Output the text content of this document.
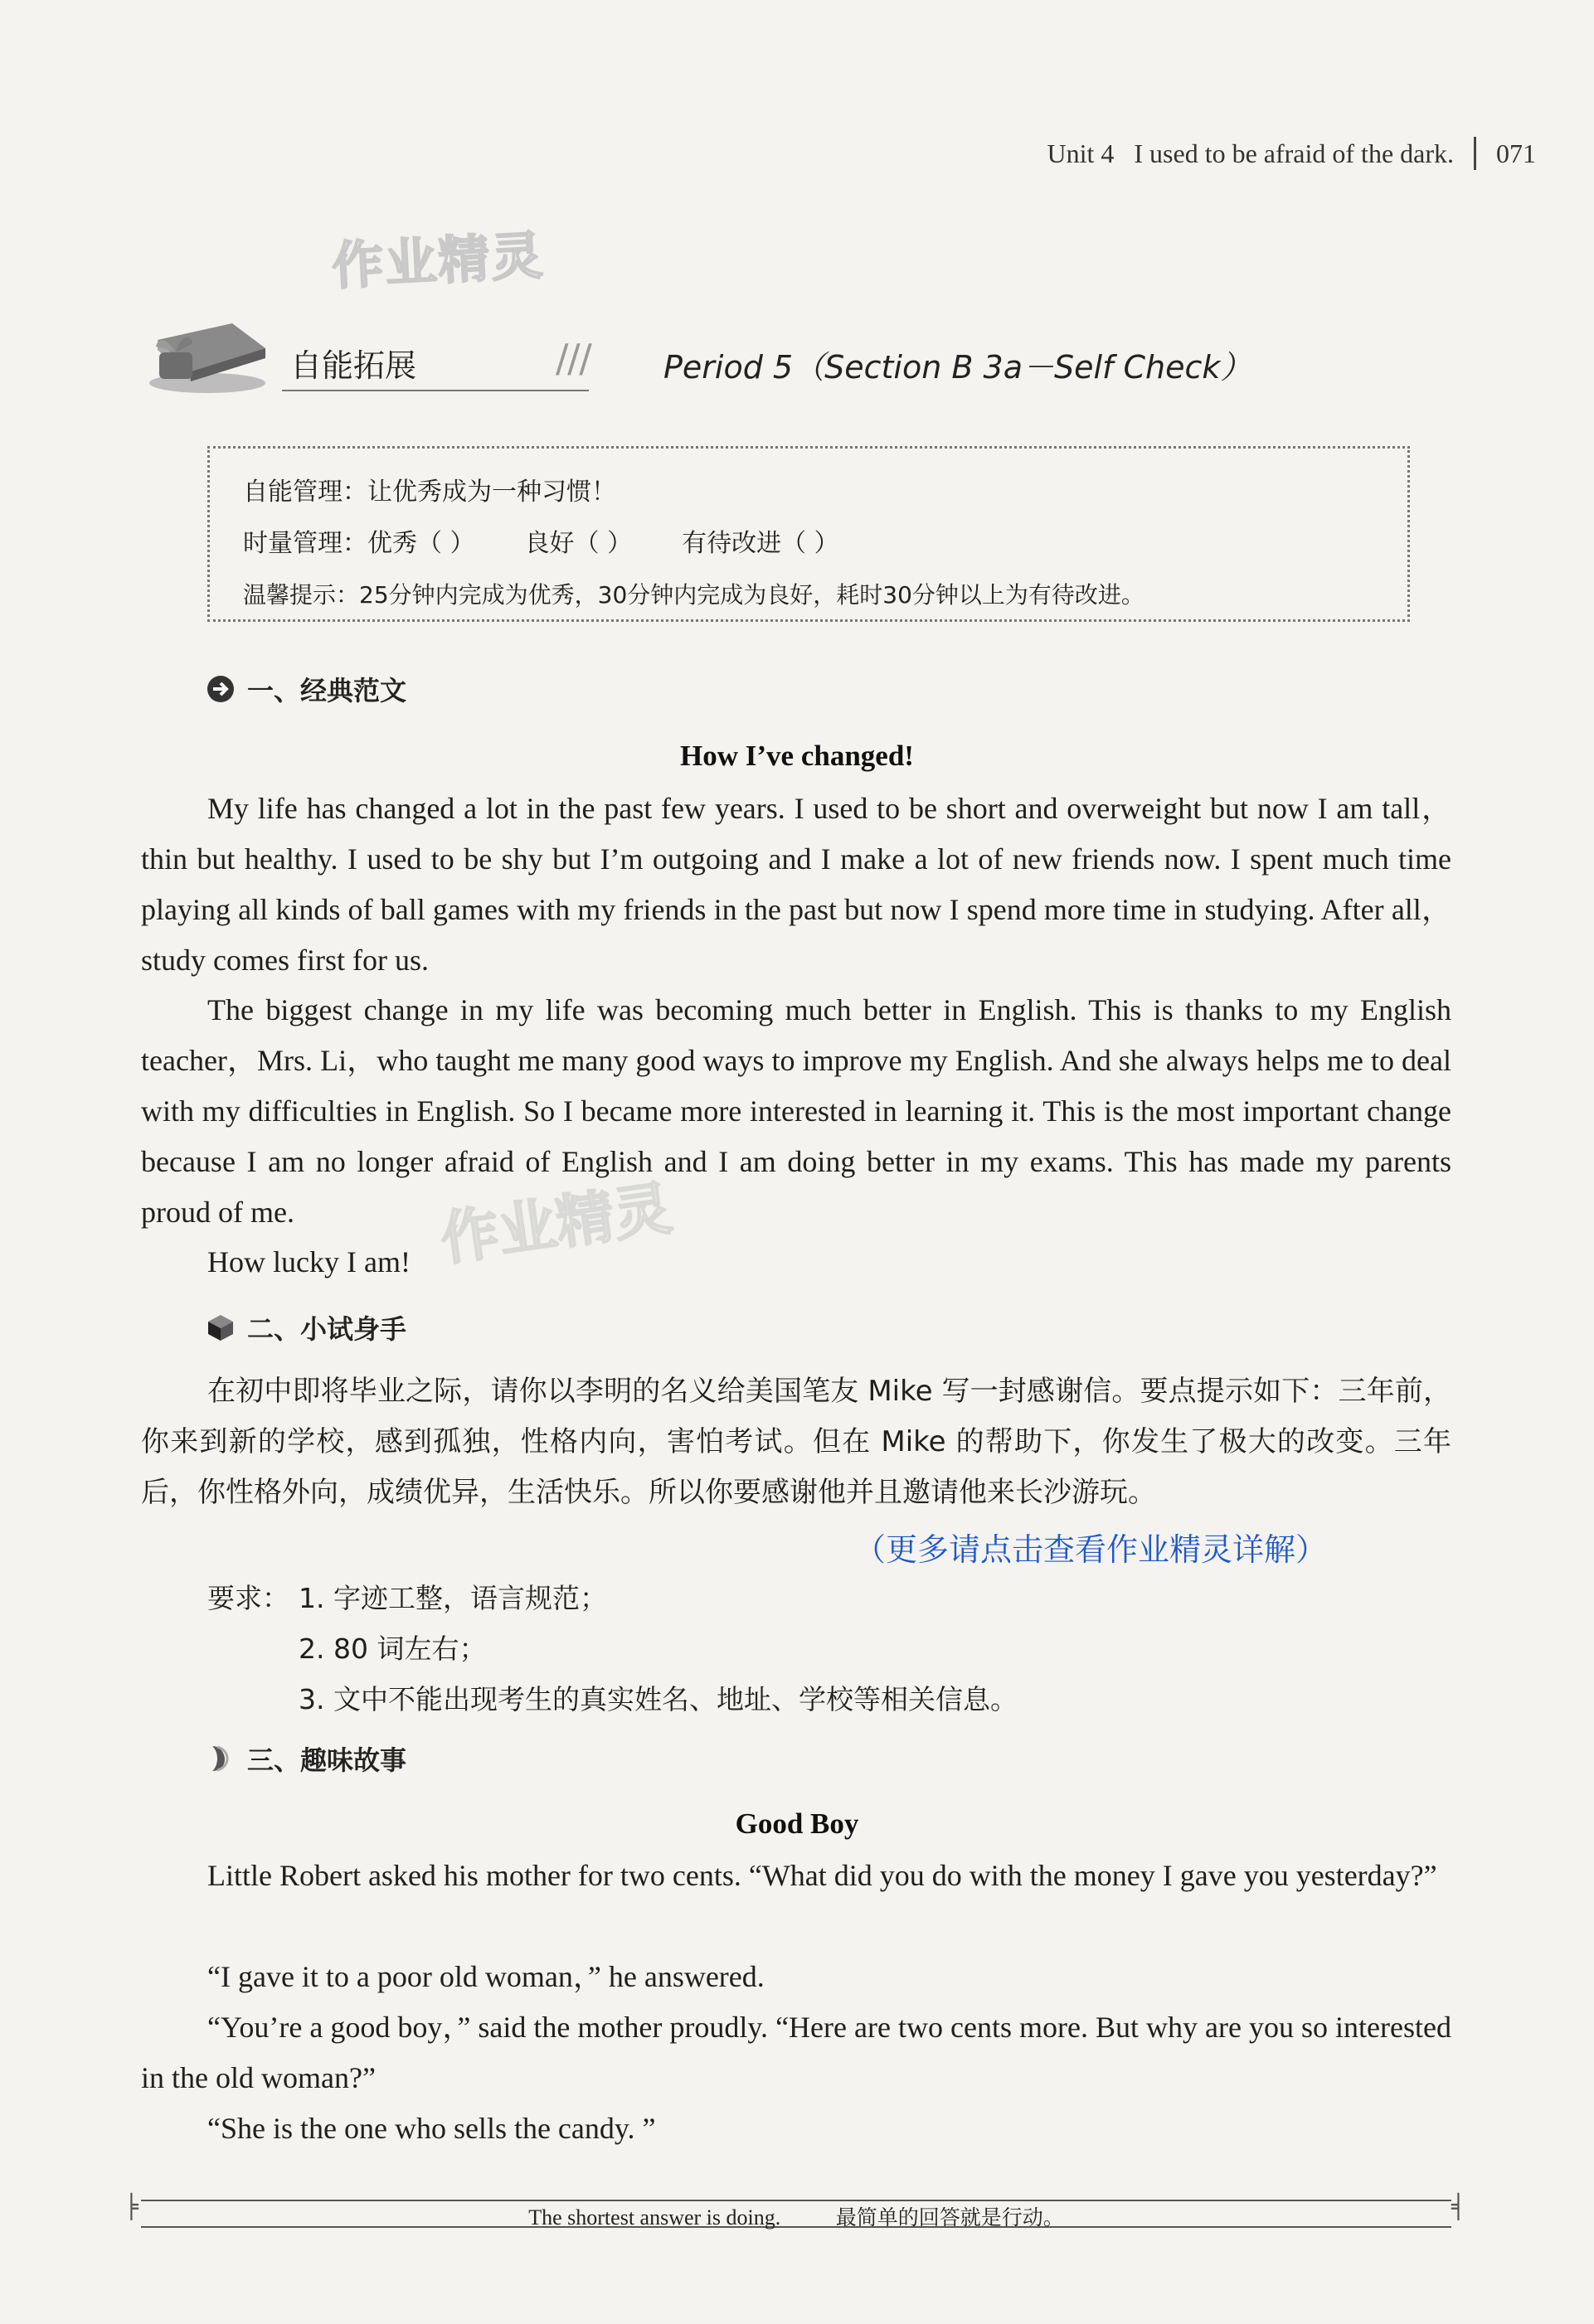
Unit 4 I used to be afraid of the dark. 071
作业精灵
自能拓展	/ / / Period 5（Section B 3a－Self Check）
自能管理：让优秀成为一种习惯！
时量管理：优秀（ ） 良好（ ） 有待改进（ ）
温馨提示：25分钟内完成为优秀，30分钟内完成为良好，耗时30分钟以上为有待改进。
一、经典范文
How I’ve changed!

My life has changed a lot in the past few years. I used to be short and overweight but now I am tall，thin but healthy. I used to be shy but I’m outgoing and I make a lot of new friends now. I spent much time playing all kinds of ball games with my friends in the past but now I spend more time in studying. After all，study comes first for us.

The biggest change in my life was becoming much better in English. This is thanks to my English teacher，Mrs. Li，who taught me many good ways to improve my English. And she always helps me to deal with my difficulties in English. So I became more interested in learning it. This is the most important change because I am no longer afraid of English and I am doing better in my exams. This has made my parents proud of me.

How lucky I am! 作业精灵
二、小试身手

在初中即将毕业之际，请你以李明的名义给美国笔友 Mike 写一封感谢信。要点提示如下：三年前，你来到新的学校，感到孤独，性格内向，害怕考试。但在 Mike 的帮助下，你发生了极大的改变。三年后，你性格外向，成绩优异，生活快乐。所以你要感谢他并且邀请他来长沙游玩。

（更多请点击查看作业精灵详解）
要求： 1. 字迹工整，语言规范；
2. 80 词左右；
3. 文中不能出现考生的真实姓名、地址、学校等相关信息。
三、趣味故事
Good Boy

Little Robert asked his mother for two cents. “What did you do with the money I gave you yesterday?”

“I gave it to a poor old woman，” he answered.

“You’re a good boy，” said the mother proudly. “Here are two cents more. But why are you so interested in the old woman?”

“She is the one who sells the candy. ”

╞	╡
The shortest answer is doing.	最简单的回答就是行动。
